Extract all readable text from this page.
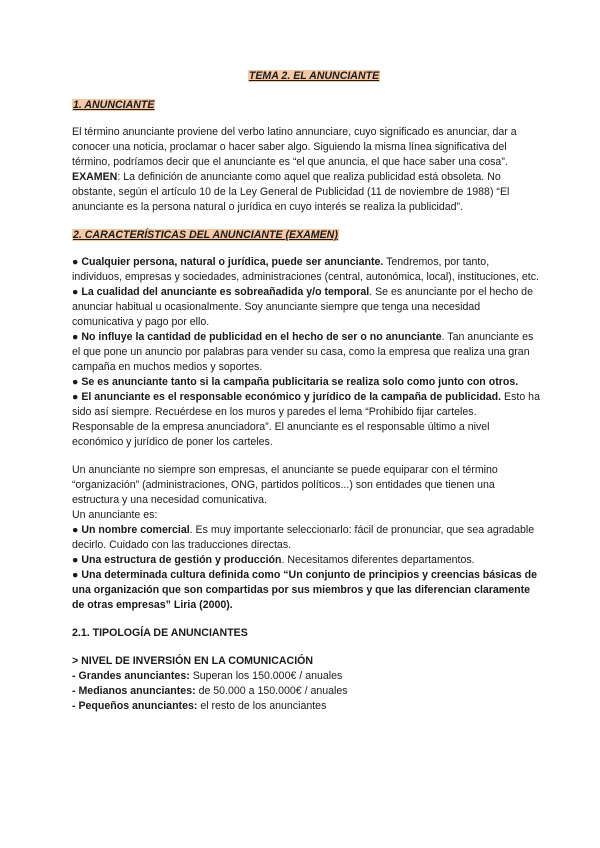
TEMA 2. EL ANUNCIANTE

1. ANUNCIANTE

El término anunciante proviene del verbo latino annunciare, cuyo significado es anunciar, dar a conocer una noticia, proclamar o hacer saber algo. Siguiendo la misma línea significativa del término, podríamos decir que el anunciante es “el que anuncia, el que hace saber una cosa”.

EXAMEN: La definición de anunciante como aquel que realiza publicidad está obsoleta. No obstante, según el artículo 10 de la Ley General de Publicidad (11 de noviembre de 1988) “El anunciante es la persona natural o jurídica en cuyo interés se realiza la publicidad”.

2. CARACTERÍSTICAS DEL ANUNCIANTE (EXAMEN)

● Cualquier persona, natural o jurídica, puede ser anunciante. Tendremos, por tanto, individuos, empresas y sociedades, administraciones (central, autonómica, local), instituciones, etc.

● La cualidad del anunciante es sobreañadida y/o temporal. Se es anunciante por el hecho de anunciar habitual u ocasionalmente. Soy anunciante siempre que tenga una necesidad comunicativa y pago por ello.

● No influye la cantidad de publicidad en el hecho de ser o no anunciante. Tan anunciante es el que pone un anuncio por palabras para vender su casa, como la empresa que realiza una gran campaña en muchos medios y soportes.

● Se es anunciante tanto si la campaña publicitaria se realiza solo como junto con otros.

● El anunciante es el responsable económico y jurídico de la campaña de publicidad. Esto ha sido así siempre. Recuérdese en los muros y paredes el lema “Prohibido fijar carteles. Responsable de la empresa anunciadora”. El anunciante es el responsable último a nivel económico y jurídico de poner los carteles.

Un anunciante no siempre son empresas, el anunciante se puede equiparar con el término “organización” (administraciones, ONG, partidos políticos...) son entidades que tienen una estructura y una necesidad comunicativa.

Un anunciante es:

● Un nombre comercial. Es muy importante seleccionarlo: fácil de pronunciar, que sea agradable decirlo. Cuidado con las traducciones directas.

● Una estructura de gestión y producción. Necesitamos diferentes departamentos.

● Una determinada cultura definida como “Un conjunto de principios y creencias básicas de una organización que son compartidas por sus miembros y que las diferencian claramente de otras empresas” Liria (2000).

2.1. TIPOLOGÍA DE ANUNCIANTES

> NIVEL DE INVERSIÓN EN LA COMUNICACIÓN

- Grandes anunciantes: Superan los 150.000€ / anuales

- Medianos anunciantes: de 50.000 a 150.000€ / anuales

- Pequeños anunciantes: el resto de los anunciantes
